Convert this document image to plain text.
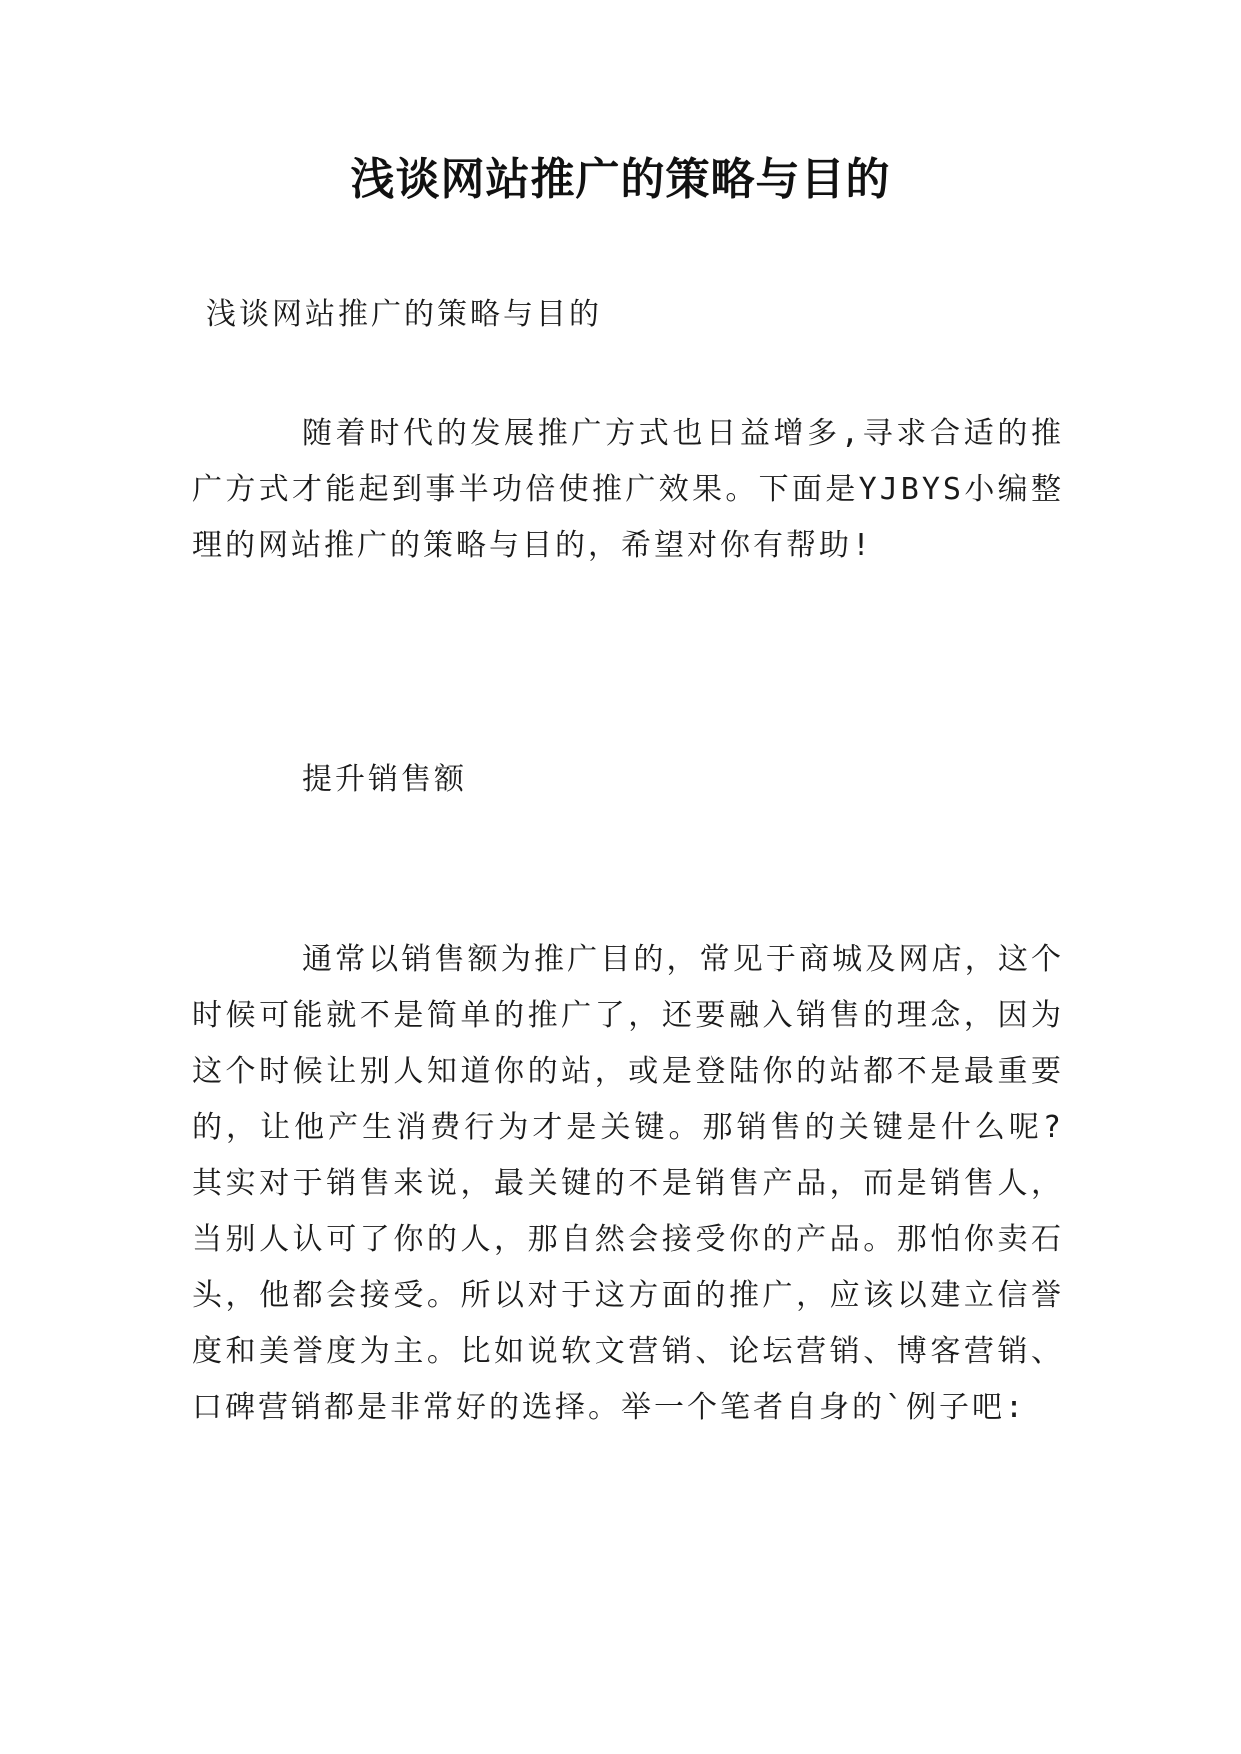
浅谈网站推广的策略与目的

浅谈网站推广的策略与目的

随着时代的发展推广方式也日益增多,寻求合适的推广方式才能起到事半功倍使推广效果。下面是YJBYS小编整理的网站推广的策略与目的，希望对你有帮助!

提升销售额

通常以销售额为推广目的，常见于商城及网店，这个时候可能就不是简单的推广了，还要融入销售的理念，因为这个时候让别人知道你的站，或是登陆你的站都不是最重要的，让他产生消费行为才是关键。那销售的关键是什么呢?其实对于销售来说，最关键的不是销售产品，而是销售人，当别人认可了你的人，那自然会接受你的产品。那怕你卖石头，他都会接受。所以对于这方面的推广，应该以建立信誉度和美誉度为主。比如说软文营销、论坛营销、博客营销、口碑营销都是非常好的选择。举一个笔者自身的`例子吧:
